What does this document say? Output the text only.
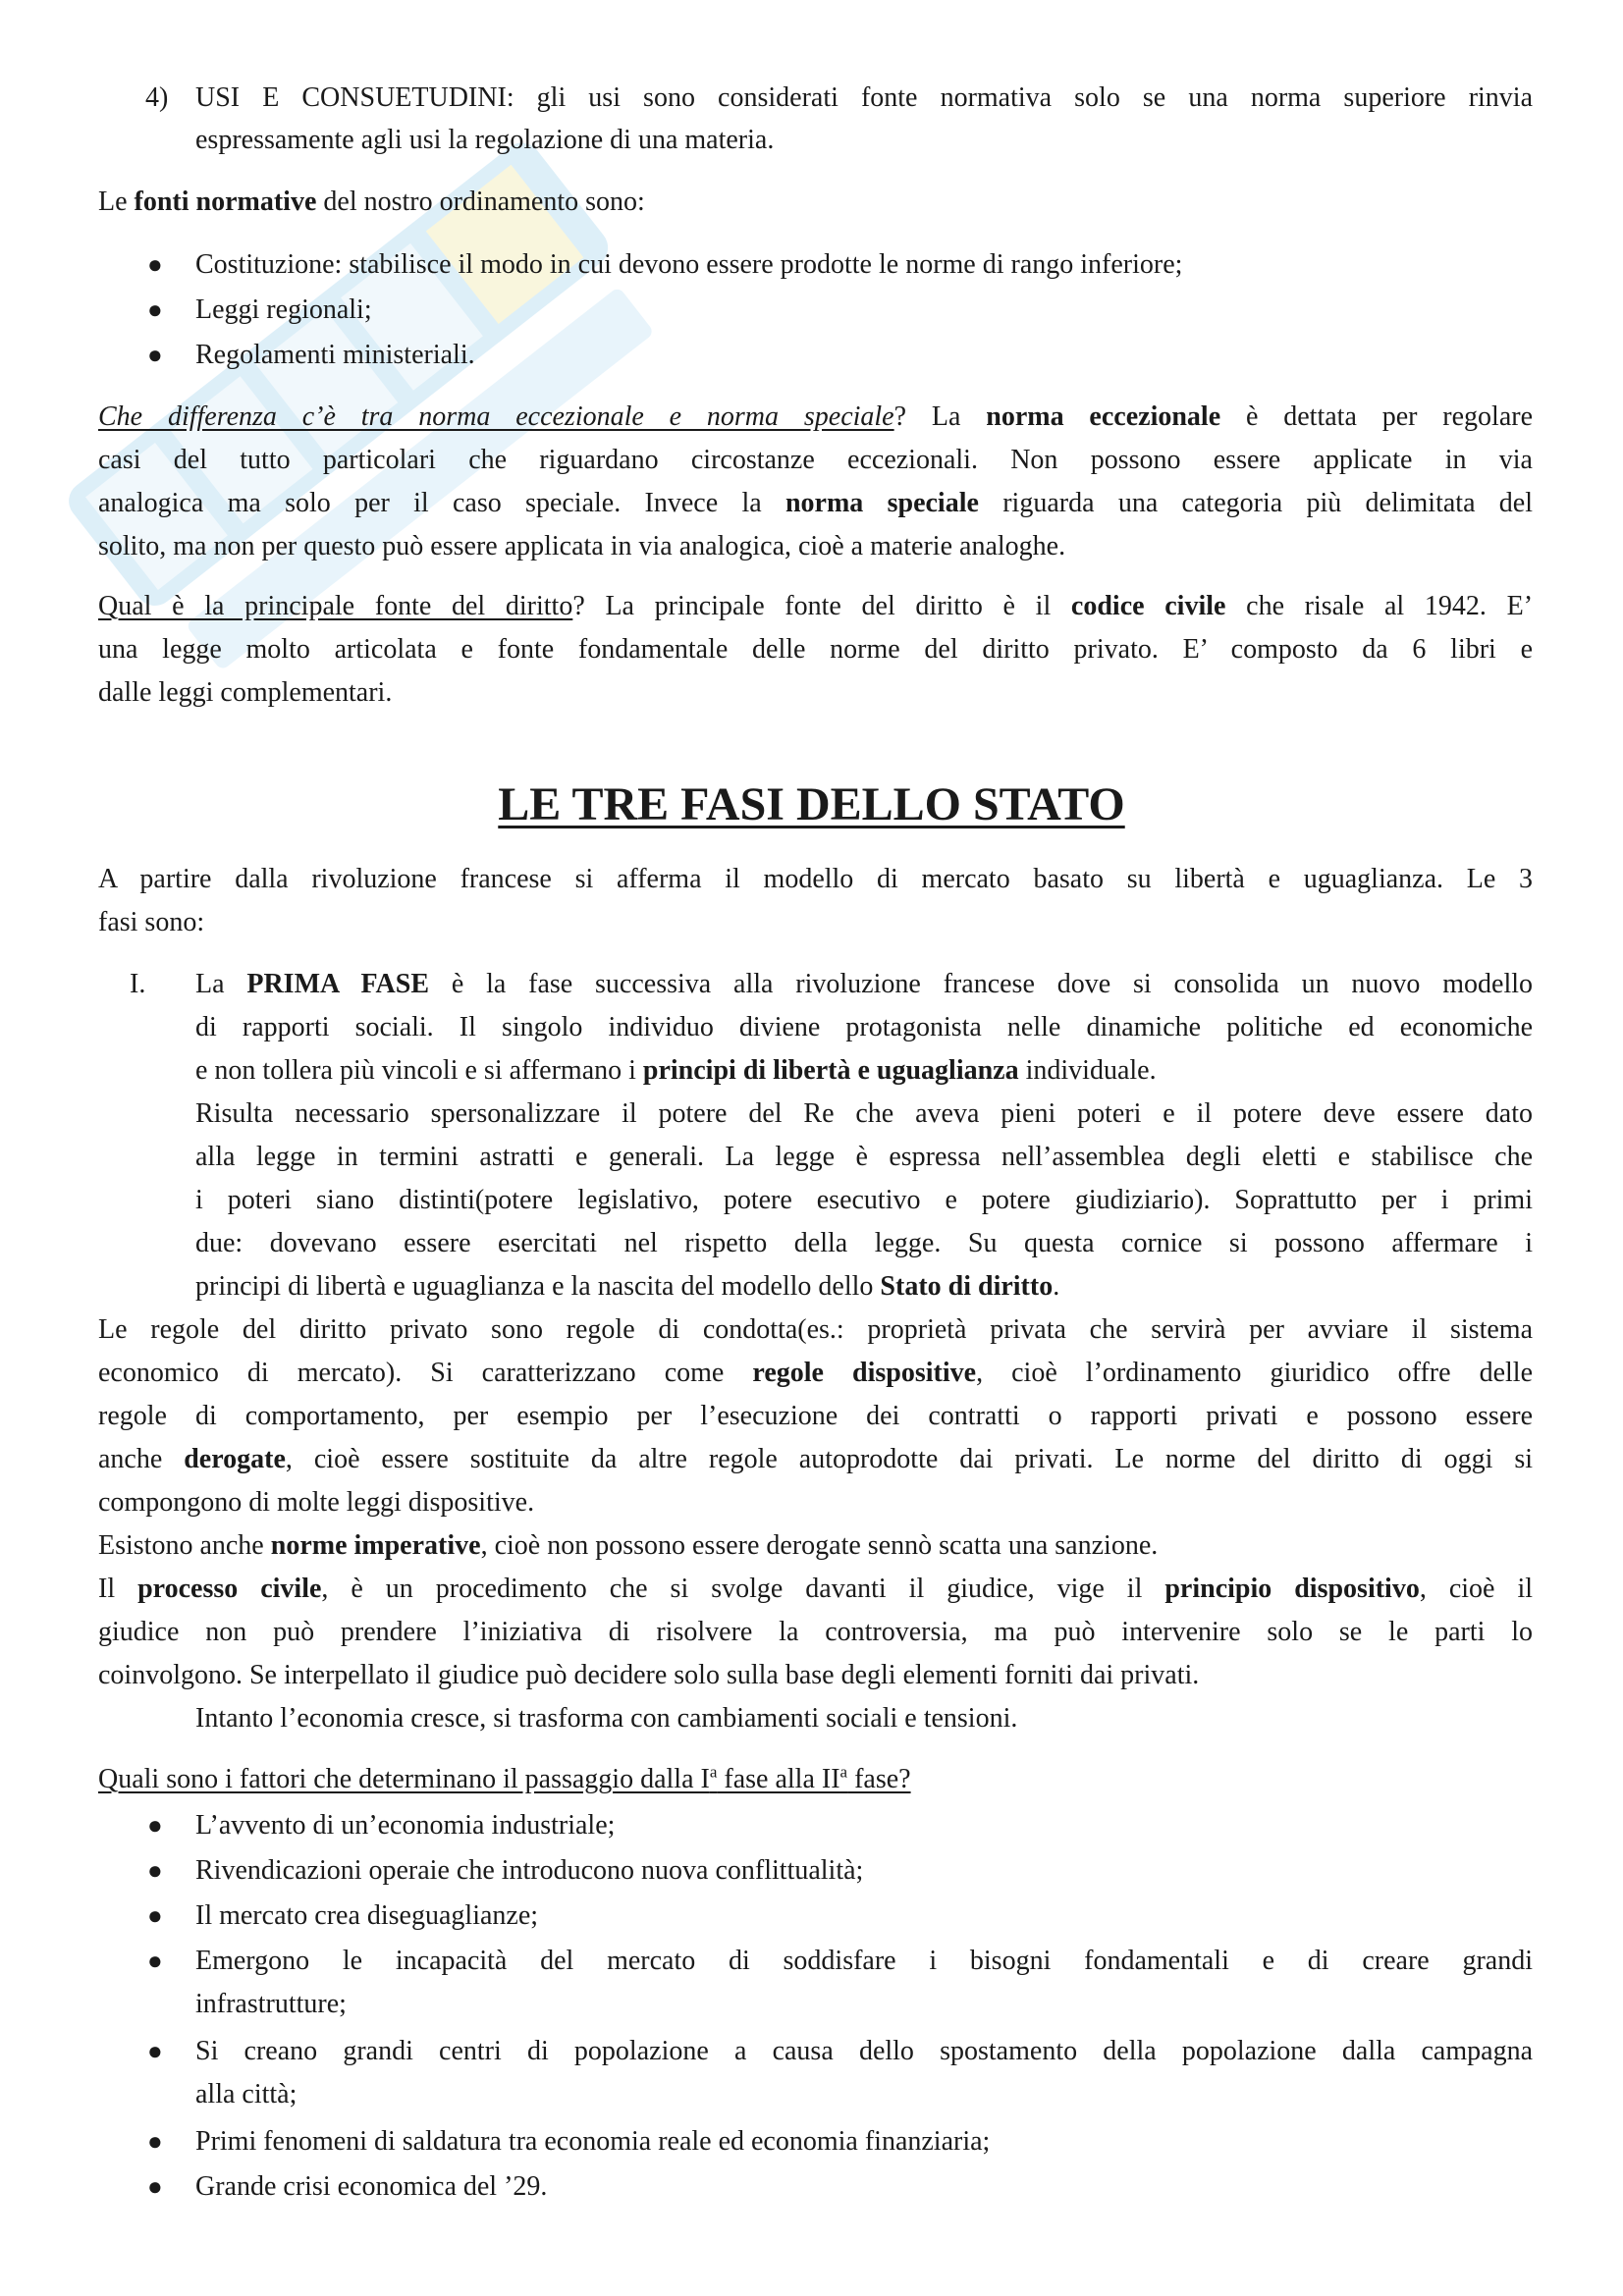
4) USI E CONSUETUDINI: gli usi sono considerati fonte normativa solo se una norma superiore rinvia
espressamente agli usi la regolazione di una materia.
Le fonti normative del nostro ordinamento sono:
● Costituzione: stabilisce il modo in cui devono essere prodotte le norme di rango inferiore;
● Leggi regionali;
● Regolamenti ministeriali.
Che differenza c’è tra norma eccezionale e norma speciale? La norma eccezionale è dettata per regolare
casi del tutto particolari che riguardano circostanze eccezionali. Non possono essere applicate in via
analogica ma solo per il caso speciale. Invece la norma speciale riguarda una categoria più delimitata del
solito, ma non per questo può essere applicata in via analogica, cioè a materie analoghe.
Qual è la principale fonte del diritto? La principale fonte del diritto è il codice civile che risale al 1942. E’
una legge molto articolata e fonte fondamentale delle norme del diritto privato. E’ composto da 6 libri e
dalle leggi complementari.
LE TRE FASI DELLO STATO
A partire dalla rivoluzione francese si afferma il modello di mercato basato su libertà e uguaglianza. Le 3
fasi sono:
I. La PRIMA FASE è la fase successiva alla rivoluzione francese dove si consolida un nuovo modello
di rapporti sociali. Il singolo individuo diviene protagonista nelle dinamiche politiche ed economiche
e non tollera più vincoli e si affermano i principi di libertà e uguaglianza individuale.
Risulta necessario spersonalizzare il potere del Re che aveva pieni poteri e il potere deve essere dato
alla legge in termini astratti e generali. La legge è espressa nell’assemblea degli eletti e stabilisce che
i poteri siano distinti(potere legislativo, potere esecutivo e potere giudiziario). Soprattutto per i primi
due: dovevano essere esercitati nel rispetto della legge. Su questa cornice si possono affermare i
principi di libertà e uguaglianza e la nascita del modello dello Stato di diritto.
Le regole del diritto privato sono regole di condotta(es.: proprietà privata che servirà per avviare il sistema
economico di mercato). Si caratterizzano come regole dispositive, cioè l’ordinamento giuridico offre delle
regole di comportamento, per esempio per l’esecuzione dei contratti o rapporti privati e possono essere
anche derogate, cioè essere sostituite da altre regole autoprodotte dai privati. Le norme del diritto di oggi si
compongono di molte leggi dispositive.
Esistono anche norme imperative, cioè non possono essere derogate sennò scatta una sanzione.
Il processo civile, è un procedimento che si svolge davanti il giudice, vige il principio dispositivo, cioè il
giudice non può prendere l’iniziativa di risolvere la controversia, ma può intervenire solo se le parti lo
coinvolgono. Se interpellato il giudice può decidere solo sulla base degli elementi forniti dai privati.
Intanto l’economia cresce, si trasforma con cambiamenti sociali e tensioni.
Quali sono i fattori che determinano il passaggio dalla $I^a$ fase alla $II^a$ fase?
● L’avvento di un’economia industriale;
● Rivendicazioni operaie che introducono nuova conflittualità;
● Il mercato crea diseguaglianze;
● Emergono le incapacità del mercato di soddisfare i bisogni fondamentali e di creare grandi
infrastrutture;
● Si creano grandi centri di popolazione a causa dello spostamento della popolazione dalla campagna
alla città;
● Primi fenomeni di saldatura tra economia reale ed economia finanziaria;
● Grande crisi economica del ’29.
